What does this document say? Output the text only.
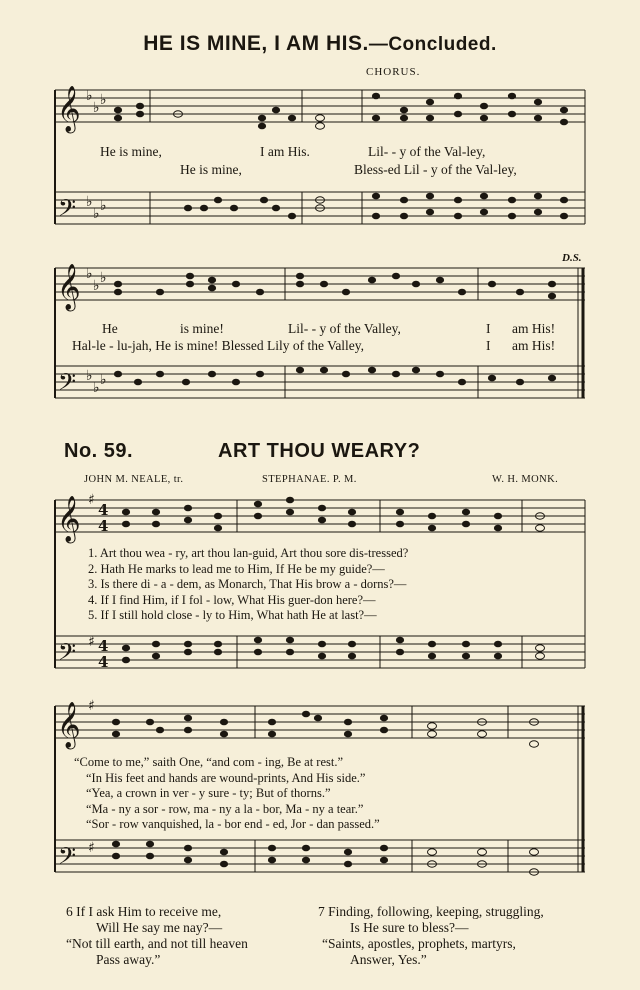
HE IS MINE, I AM HIS.—Concluded.
CHORUS.
𝄞
𝄢
𝄞
𝄢
𝄞
𝄢
𝄞
𝄢
♭
♭ ♭
♭
♭ ♭
♭
♭ ♭
♭
♭ ♭
♯
♯
♯
♯
4
4
4
4
He is mine,	I am His.	Lil- - y of the Val-ley,
He is mine,	Bless-ed Lil - y of the Val-ley,
D.S.
He	is mine!	Lil- - y of the Valley,	I am His!
Hal-le - lu-jah, He is mine! Blessed Lily of the Valley,	I am His!
No. 59.	ART THOU WEARY?
JOHN M. NEALE, tr.	STEPHANAE. P. M.	W. H. MONK.
1. Art thou wea - ry, art thou lan-guid, Art thou sore dis-tressed?
2. Hath He marks to lead me to Him, If He be my guide?—
3. Is there di - a - dem, as Monarch, That His brow a - dorns?—
4. If I find Him, if I fol - low, What His guer-don here?—
5. If I still hold close - ly to Him, What hath He at last?—
“Come to me,” saith One, “and com - ing, Be at rest.”
“In His feet and hands are wound-prints, And His side.”
“Yea, a crown in ver - y sure - ty; But of thorns.”
“Ma - ny a sor - row, ma - ny a la - bor, Ma - ny a tear.”
“Sor - row vanquished, la - bor end - ed, Jor - dan passed.”
6 If I ask Him to receive me,
Will He say me nay?—
“Not till earth, and not till heaven
Pass away.”
7 Finding, following, keeping, struggling,
Is He sure to bless?—
“Saints, apostles, prophets, martyrs,
Answer, Yes.”
